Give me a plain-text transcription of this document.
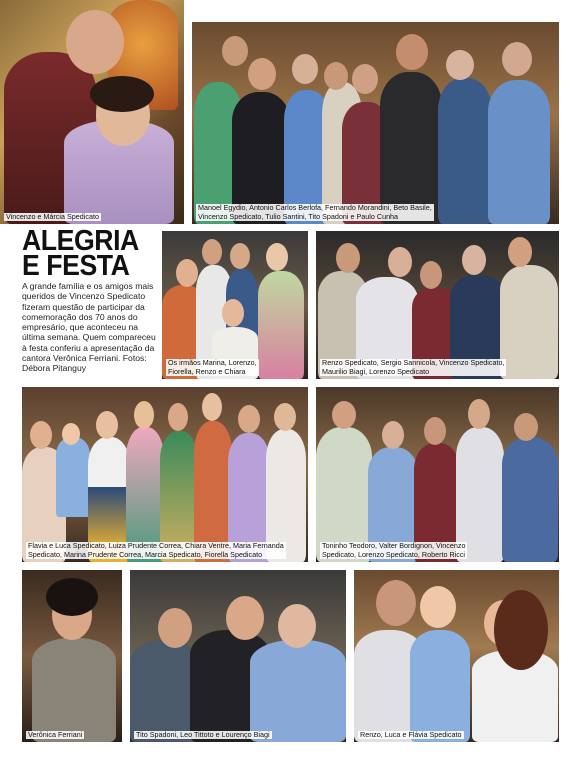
Vincenzo e Márcia Spedicato
Manoel Egydio, Antonio Carlos Berlofa, Fernando Morandini, Beto Basile,
Vincenzo Spedicato, Tulio Santini, Tito Spadoni e Paulo Cunha
ALEGRIA
E FESTA
A grande família e os amigos mais queridos de Vincenzo Spedicato fizeram questão de participar da comemoração dos 70 anos do empresário, que aconteceu na última semana. Quem compareceu à festa conferiu a apresentação da cantora Verônica Ferriani. Fotos: Débora Pitanguy
Os irmãos Marina, Lorenzo,
Fiorella, Renzo e Chiara
Renzo Spedicato, Sergio Sannicola, Vincenzo Spedicato,
Maurilio Biagi, Lorenzo Spedicato
Flavia e Luca Spedicato, Luiza Prudente Correa, Chiara Ventre, Maria Fernanda
Spedicato, Marina Prudente Correa, Marcia Spedicato, Fiorella Spedicato
Toninho Teodoro, Valter Bordignon, Vincenzo
Spedicato, Lorenzo Spedicato, Roberto Ricci
Verônica Ferriani	Tito Spadoni, Leo Tittoto e Lourenço Biagi	Renzo, Luca e Flávia Spedicato
